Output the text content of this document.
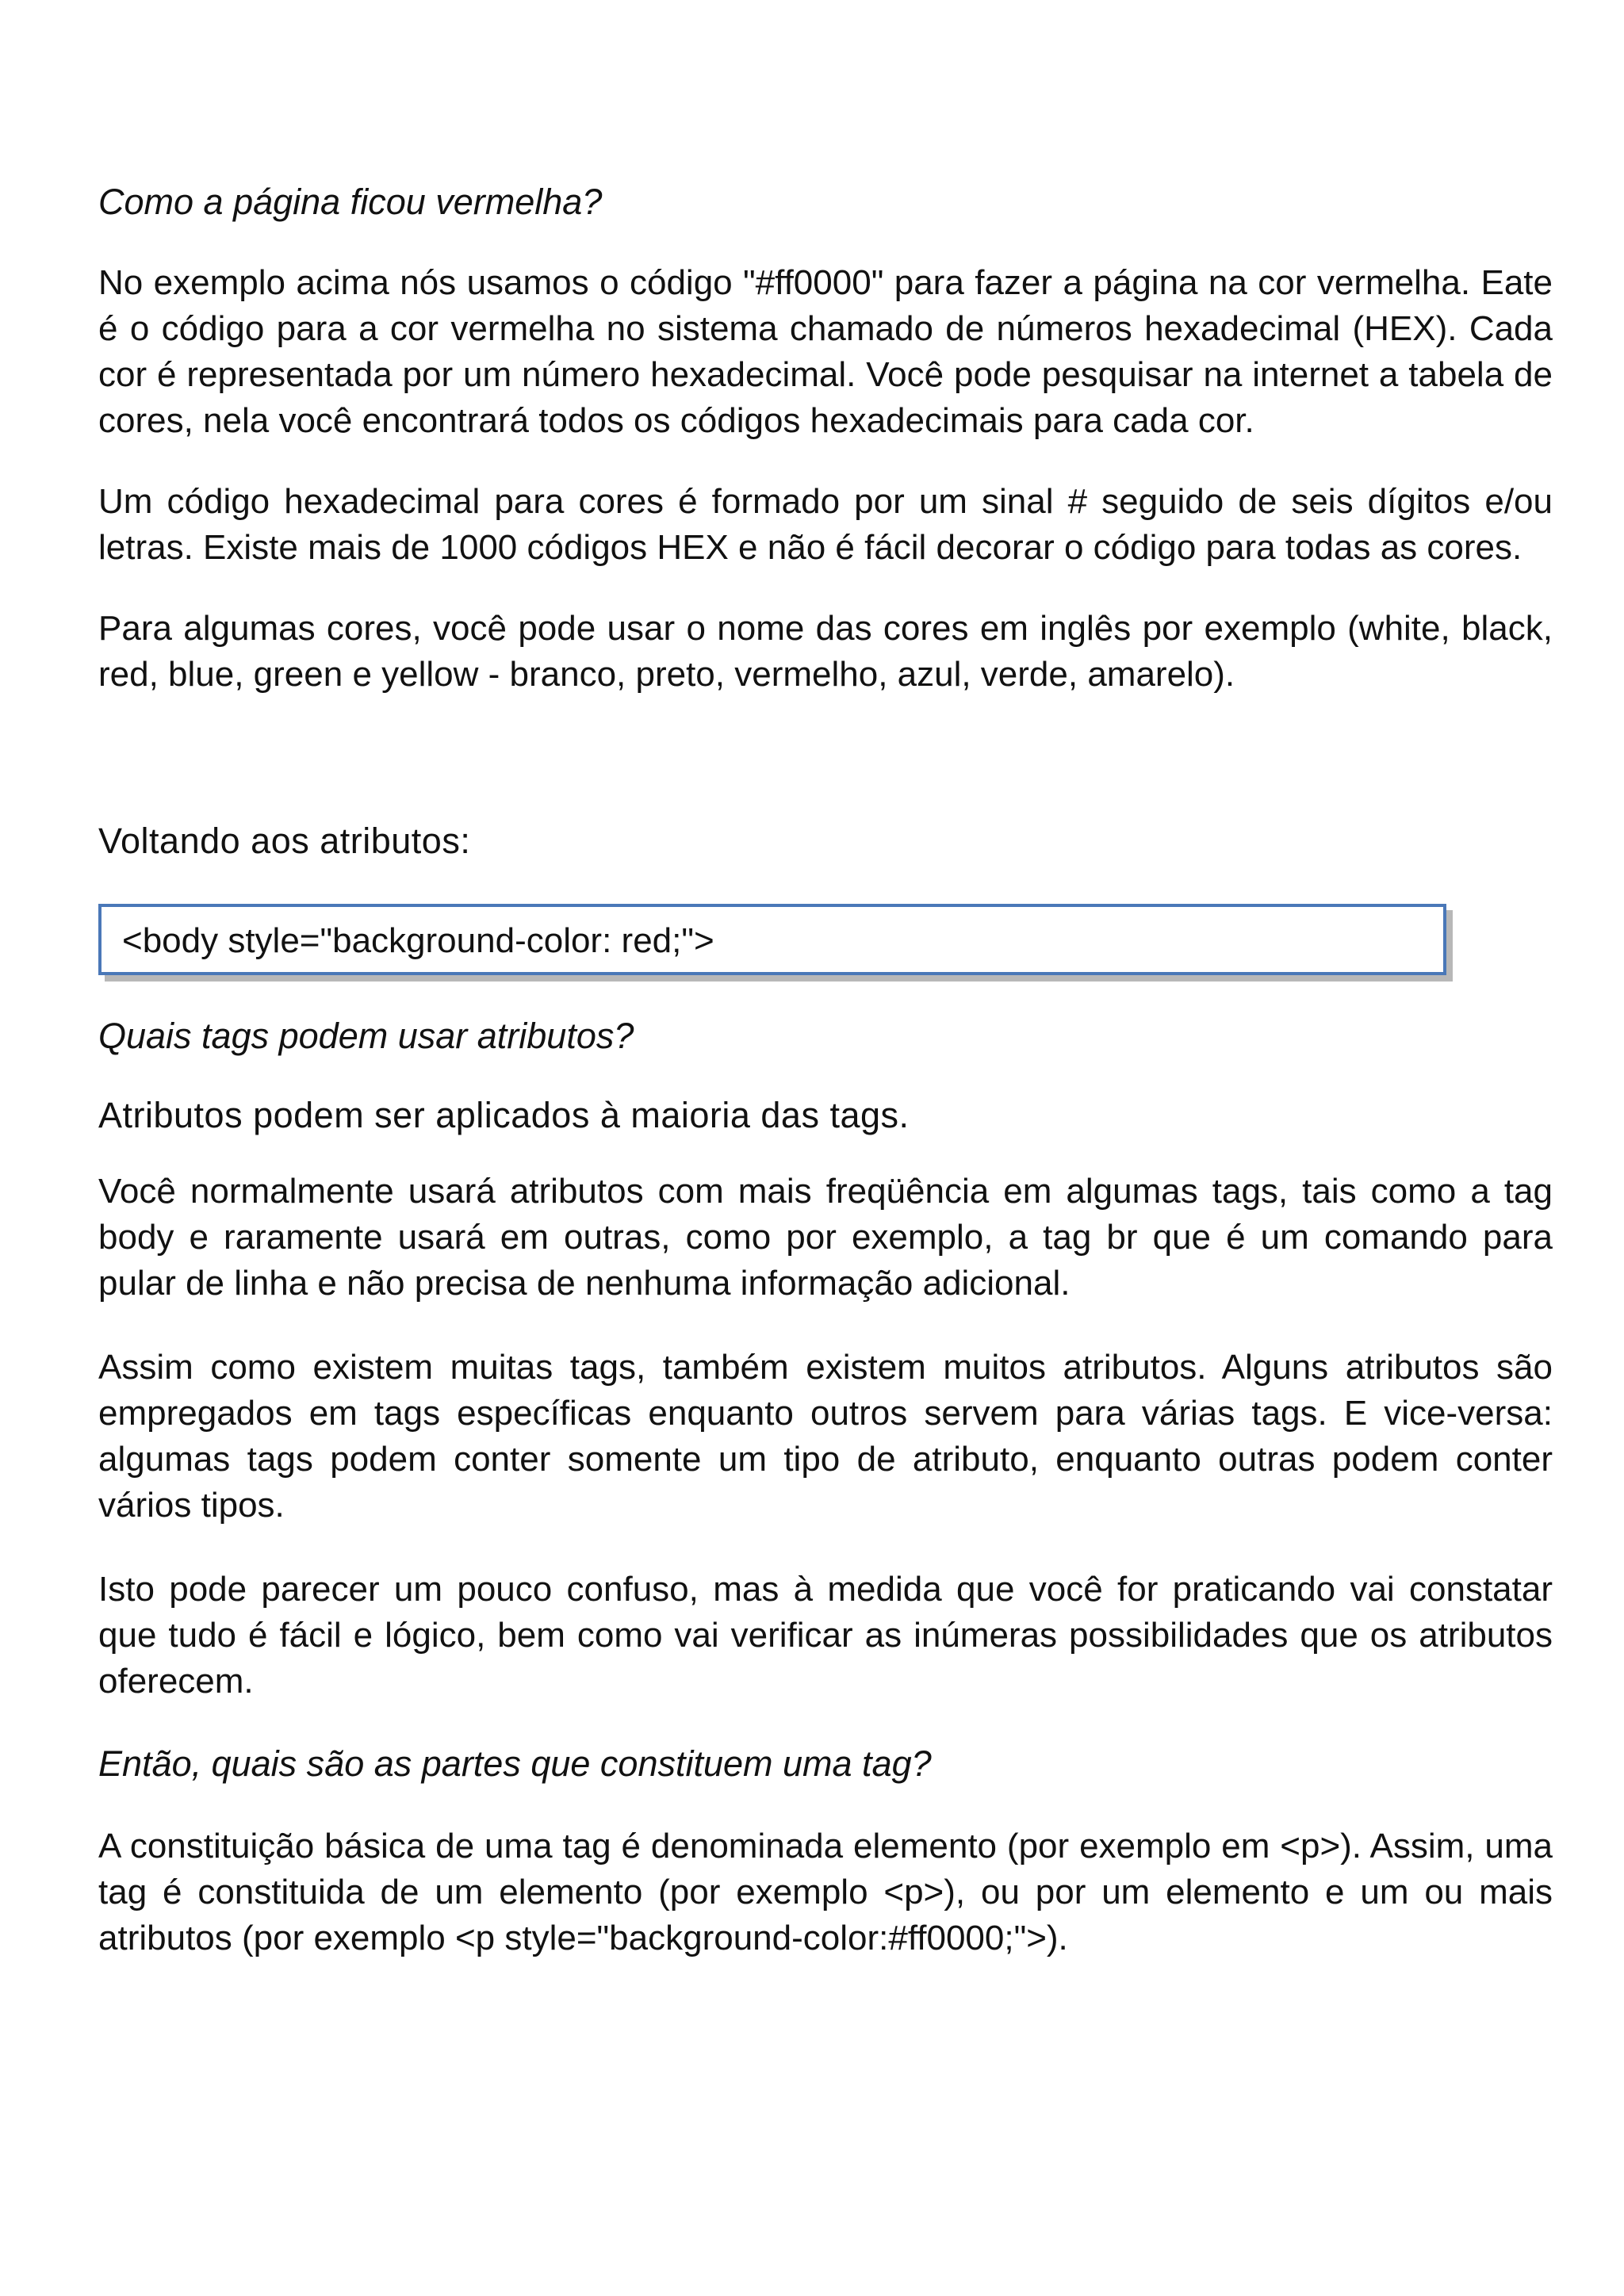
Como a página ficou vermelha?

No exemplo acima nós usamos o código "#ff0000" para fazer a página na cor vermelha. Eate é o código para a cor vermelha no sistema chamado de números hexadecimal (HEX). Cada cor é representada por um número hexadecimal. Você pode pesquisar na internet a tabela de cores, nela você encontrará todos os códigos hexadecimais para cada cor.

Um código hexadecimal para cores é formado por um sinal # seguido de seis dígitos e/ou letras. Existe mais de 1000 códigos HEX e não é fácil decorar o código para todas as cores.

Para algumas cores, você pode usar o nome das cores em inglês por exemplo (white, black, red, blue, green e yellow - branco, preto, vermelho, azul, verde, amarelo).

Voltando aos atributos:

<body style="background-color: red;">

Quais tags podem usar atributos?

Atributos podem ser aplicados à maioria das tags.

Você normalmente usará atributos com mais freqüência em algumas tags, tais como a tag body e raramente usará em outras, como por exemplo, a tag br que é um comando para pular de linha e não precisa de nenhuma informação adicional.

Assim como existem muitas tags, também existem muitos atributos. Alguns atributos são empregados em tags específicas enquanto outros servem para várias tags. E vice-versa: algumas tags podem conter somente um tipo de atributo, enquanto outras podem conter vários tipos.

Isto pode parecer um pouco confuso, mas à medida que você for praticando vai constatar que tudo é fácil e lógico, bem como vai verificar as inúmeras possibilidades que os atributos oferecem.

Então, quais são as partes que constituem uma tag?

A constituição básica de uma tag é denominada elemento (por exemplo em <p>). Assim, uma tag é constituida de um elemento (por exemplo <p>), ou por um elemento e um ou mais atributos (por exemplo <p style="background-color:#ff0000;">).
